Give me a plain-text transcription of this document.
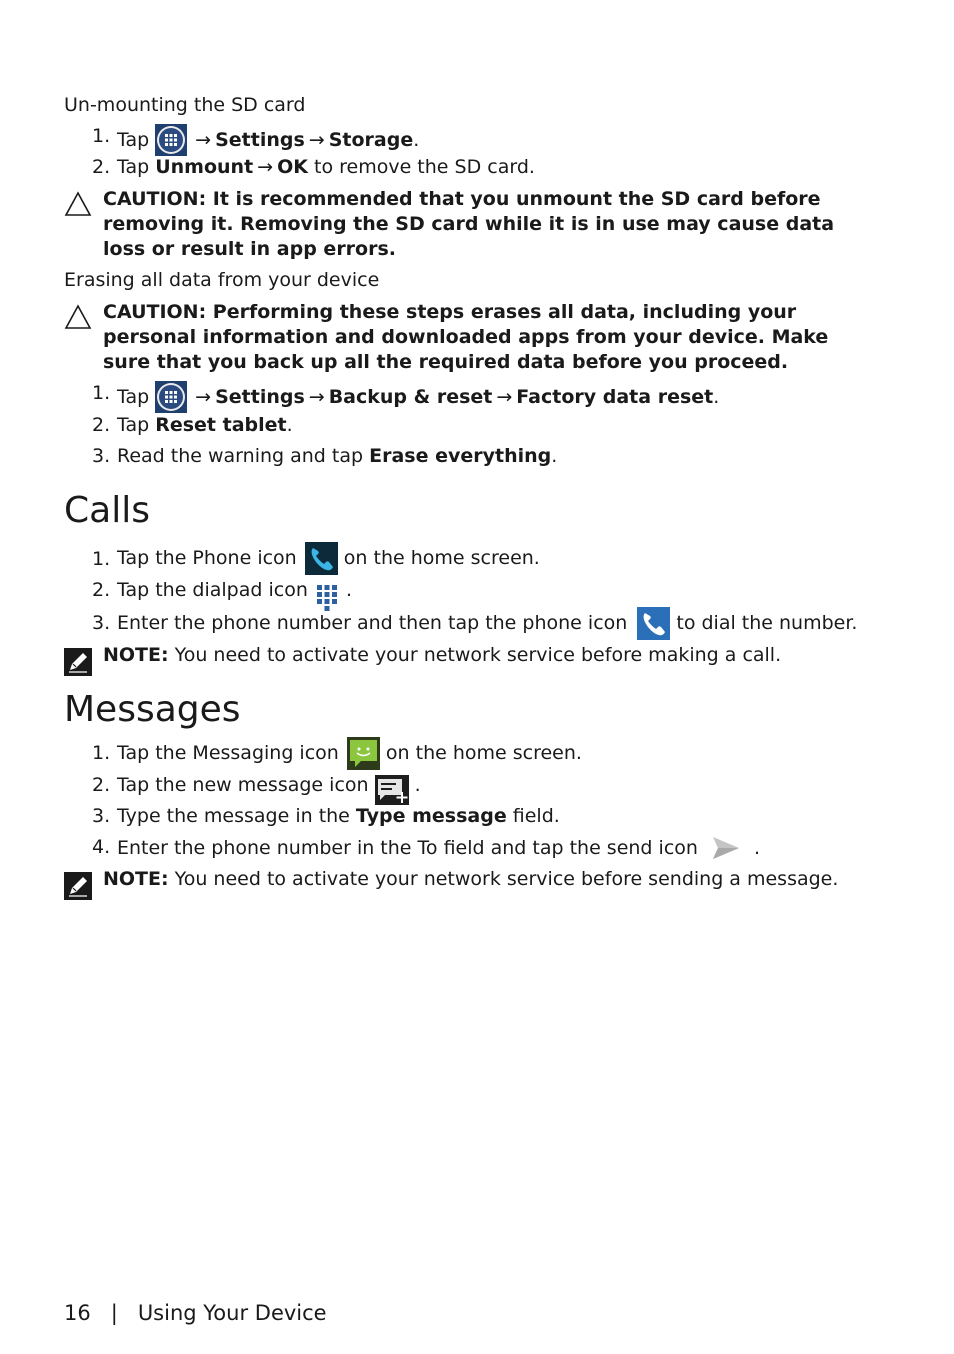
Un-mounting the SD card
1. Tap → Settings → Storage .
2. Tap Unmount → OK to remove the SD card.
CAUTION: It is recommended that you unmount the SD card before removing it. Removing the SD card while it is in use may cause data loss or result in app errors.
Erasing all data from your device
CAUTION: Performing these steps erases all data, including your personal information and downloaded apps from your device. Make sure that you back up all the required data before you proceed.
1. Tap → Settings → Backup & reset → Factory data reset .
2. Tap Reset tablet .
3. Read the warning and tap Erase everything .
Calls
1. Tap the Phone icon on the home screen.
2. Tap the dialpad icon .
3. Enter the phone number and then tap the phone icon to dial the number.
NOTE: You need to activate your network service before making a call.
Messages
1. Tap the Messaging icon on the home screen.
2. Tap the new message icon .
3. Type the message in the Type message field.
4. Enter the phone number in the To field and tap the send icon .
NOTE: You need to activate your network service before sending a message.
16 | Using Your Device
